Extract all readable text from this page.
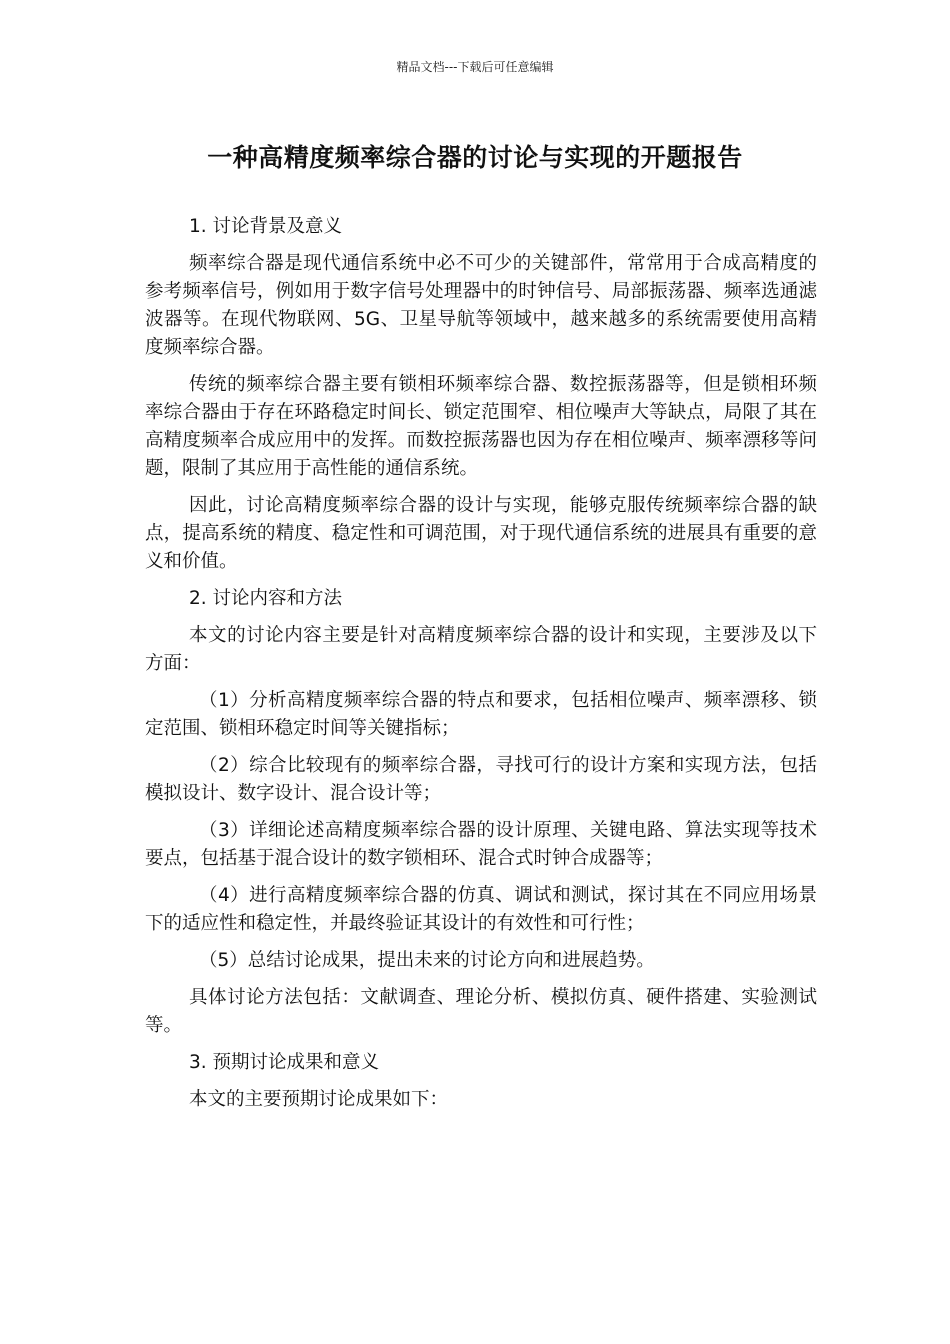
精品文档---下载后可任意编辑
一种高精度频率综合器的讨论与实现的开题报告
1. 讨论背景及意义

频率综合器是现代通信系统中必不可少的关键部件，常常用于合成高精度的参考频率信号，例如用于数字信号处理器中的时钟信号、局部振荡器、频率选通滤波器等。在现代物联网、5G、卫星导航等领域中，越来越多的系统需要使用高精度频率综合器。

传统的频率综合器主要有锁相环频率综合器、数控振荡器等，但是锁相环频率综合器由于存在环路稳定时间长、锁定范围窄、相位噪声大等缺点，局限了其在高精度频率合成应用中的发挥。而数控振荡器也因为存在相位噪声、频率漂移等问题，限制了其应用于高性能的通信系统。

因此，讨论高精度频率综合器的设计与实现，能够克服传统频率综合器的缺点，提高系统的精度、稳定性和可调范围，对于现代通信系统的进展具有重要的意义和价值。

2. 讨论内容和方法

本文的讨论内容主要是针对高精度频率综合器的设计和实现，主要涉及以下方面：

（1）分析高精度频率综合器的特点和要求，包括相位噪声、频率漂移、锁定范围、锁相环稳定时间等关键指标；

（2）综合比较现有的频率综合器，寻找可行的设计方案和实现方法，包括模拟设计、数字设计、混合设计等；

（3）详细论述高精度频率综合器的设计原理、关键电路、算法实现等技术要点，包括基于混合设计的数字锁相环、混合式时钟合成器等；

（4）进行高精度频率综合器的仿真、调试和测试，探讨其在不同应用场景下的适应性和稳定性，并最终验证其设计的有效性和可行性；

（5）总结讨论成果，提出未来的讨论方向和进展趋势。

具体讨论方法包括：文献调查、理论分析、模拟仿真、硬件搭建、实验测试等。

3. 预期讨论成果和意义

本文的主要预期讨论成果如下：
